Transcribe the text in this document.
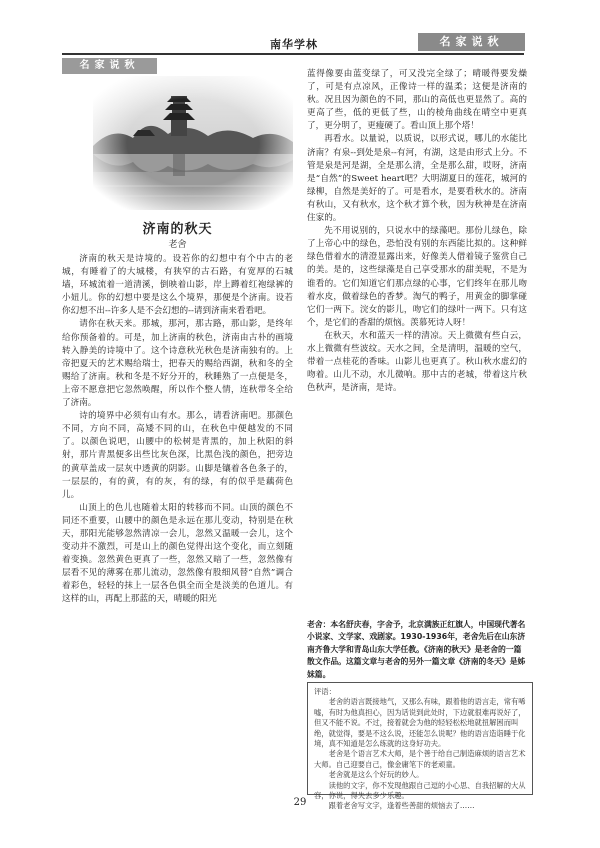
南华学林	名家说秋
名家说秋
济南的秋天
老舍

济南的秋天是诗境的。设若你的幻想中有个中古的老城，有睡着了的大城楼，有狭窄的古石路，有宽厚的石城墙，环城流着一道清溪，倒映着山影，岸上蹲着红袍绿裤的小妞儿。你的幻想中要是这么个境界，那便是个济南。设若你幻想不出--许多人是不会幻想的--请到济南来看看吧。

请你在秋天来。那城，那河，那古路，那山影，是终年给你预备着的。可是，加上济南的秋色，济南由古朴的画境转入静美的诗境中了。这个诗意秋光秋色是济南独有的。上帝把夏天的艺术赐给瑞士，把春天的赐给西湖，秋和冬的全赐给了济南。秋和冬是不好分开的，秋睡熟了一点便是冬，上帝不愿意把它忽然唤醒，所以作个整人情，连秋带冬全给了济南。

诗的境界中必须有山有水。那么，请看济南吧。那颜色不同，方向不同，高矮不同的山，在秋色中便越发的不同了。以颜色说吧，山腰中的松树是青黑的，加上秋阳的斜射，那片青黑便多出些比灰色深，比黑色浅的颜色，把旁边的黄草盖成一层灰中透黄的阴影。山脚是镶着各色条子的，一层层的，有的黄，有的灰，有的绿，有的似乎是藕荷色儿。

山顶上的色儿也随着太阳的转移而不同。山顶的颜色不同还不重要，山腰中的颜色是永远在那儿变动，特别是在秋天，那阳光能够忽然清凉一会儿，忽然又温暖一会儿，这个变动并不激烈，可是山上的颜色觉得出这个变化，而立刻随着变换。忽然黄色更真了一些，忽然又暗了一些，忽然像有层看不见的薄雾在那儿流动，忽然像有股细风替“自然”调合着彩色，轻轻的抹上一层各色俱全而全是淡美的色道儿。有这样的山，再配上那蓝的天，晴暖的阳光

蓝得像要由蓝变绿了，可又没完全绿了；晴暖得要发燥了，可是有点凉风，正像诗一样的温柔；这便是济南的秋。况且因为颜色的不同，那山的高低也更显然了。高的更高了些，低的更低了些，山的棱角曲线在晴空中更真了，更分明了，更瘦硬了。看山顶上那个塔！

再看水。以量说，以质说，以形式说，哪儿的水能比济南？有泉--到处是泉--有河，有湖，这是由形式上分。不管是泉是河是湖，全是那么清，全是那么甜，哎呀，济南是“自然”的Sweet heart吧？大明湖夏日的莲花，城河的绿柳，自然是美好的了。可是看水，是要看秋水的。济南有秋山，又有秋水，这个秋才算个秋，因为秋神是在济南住家的。

先不用说别的，只说水中的绿藻吧。那份儿绿色，除了上帝心中的绿色，恐怕没有别的东西能比拟的。这种鲜绿色借着水的清澄显露出来，好像美人借着镜子鉴赏自己的美。是的，这些绿藻是自己享受那水的甜美呢，不是为谁看的。它们知道它们那点绿的心事，它们终年在那儿吻着水皮，做着绿色的香梦。淘气的鸭子，用黄金的脚掌碰它们一两下。浣女的影儿，吻它们的绿叶一两下。只有这个，是它们的香甜的烦恼。羡慕死诗人呀！

在秋天，水和蓝天一样的清凉。天上微微有些白云，水上微微有些波纹。天水之间，全是清明，温暖的空气，带着一点桂花的香味。山影儿也更真了。秋山秋水虚幻的吻着。山儿不动，水儿微响。那中古的老城，带着这片秋色秋声，是济南，是诗。

老舍：本名舒庆春，字舍予，北京满族正红旗人，中国现代著名小说家、文学家、戏剧家。1930-1936年，老舍先后在山东济南齐鲁大学和青岛山东大学任教。《济南的秋天》是老舍的一篇散文作品。这篇文章与老舍的另外一篇文章《济南的冬天》是姊妹篇。

评语：

老舍的语言既接地气，又那么有味，跟着他的语言走，常有唏嘘，有时为他真担心，因为话说到此处时，下边就很难再说好了，但又不能不说。不过，接着就会为他的轻轻松松地就扭解困而叫绝，就觉得，要是不这么说，还能怎么说呢？他的语言造诣睡于化境，真不知道是怎么练就的这身好功夫。

老舍是个语言艺术大师，是个善于给自己制造麻烦的语言艺术大师。自己迎要自己，像金庸笔下的老顽童。

老舍就是这么个好玩的妙人。

读他的文字，你不发现他跟自己逗的小心思、自我招解的大从容，你说，得失去多少乐趣。

跟着老舍写文字，逢着些善甜的烦恼去了……

29
